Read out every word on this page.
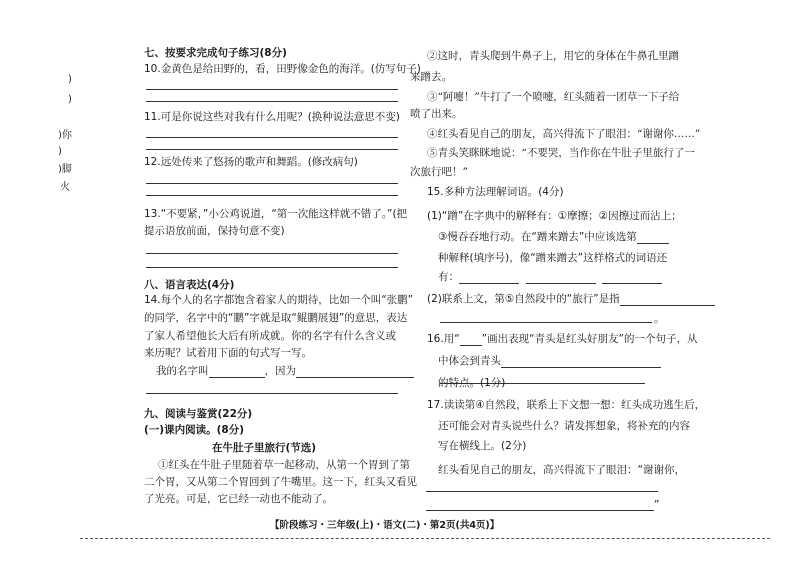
)
)
)你
)
)脚
火
七、按要求完成句子练习(8分)
10.金黄色是给田野的，看，田野像金色的海洋。(仿写句子)
11.可是你说这些对我有什么用呢？(换种说法意思不变)
12.远处传来了悠扬的歌声和舞蹈。(修改病句)
13.“不要紧，”小公鸡说道，“第一次能这样就不错了。”(把
提示语放前面，保持句意不变)
八、语言表达(4分)
14.每个人的名字都饱含着家人的期待，比如一个叫“张鹏”
的同学，名字中的“鹏”字就是取“鲲鹏展翅”的意思，表达
了家人希望他长大后有所成就。你的名字有什么含义或
来历呢？试着用下面的句式写一写。
我的名字叫	，因为
九、阅读与鉴赏(22分)
(一)课内阅读。(8分)
在牛肚子里旅行(节选)
①红头在牛肚子里随着草一起移动，从第一个胃到了第
二个胃，又从第二个胃回到了牛嘴里。这一下，红头又看见
了光亮。可是，它已经一动也不能动了。
②这时，青头爬到牛鼻子上，用它的身体在牛鼻孔里蹭
来蹭去。
③“阿嚏！”牛打了一个喷嚏，红头随着一团草一下子给
喷了出来。
④红头看见自己的朋友，高兴得流下了眼泪：“谢谢你……”
⑤青头笑眯眯地说：“不要哭，当作你在牛肚子里旅行了一
次旅行吧！”
15.多种方法理解词语。(4分)
(1)“蹭”在字典中的解释有：①摩擦；②因擦过而沾上；
③慢吞吞地行动。在“蹭来蹭去”中应该选第
种解释(填序号)，像“蹭来蹭去”这样格式的词语还
有：
(2)联系上文，第⑤自然段中的“旅行”是指
。
16.用“ ”画出表现“青头是红头好朋友”的一个句子，从
中体会到青头
的特点。(1分)
17.读读第④自然段，联系上下文想一想：红头成功逃生后，
还可能会对青头说些什么？请发挥想象，将补充的内容
写在横线上。(2分)
红头看见自己的朋友，高兴得流下了眼泪：“谢谢你，
”
【阶段练习・三年级(上)・语文(二)・第2页(共4页)】
